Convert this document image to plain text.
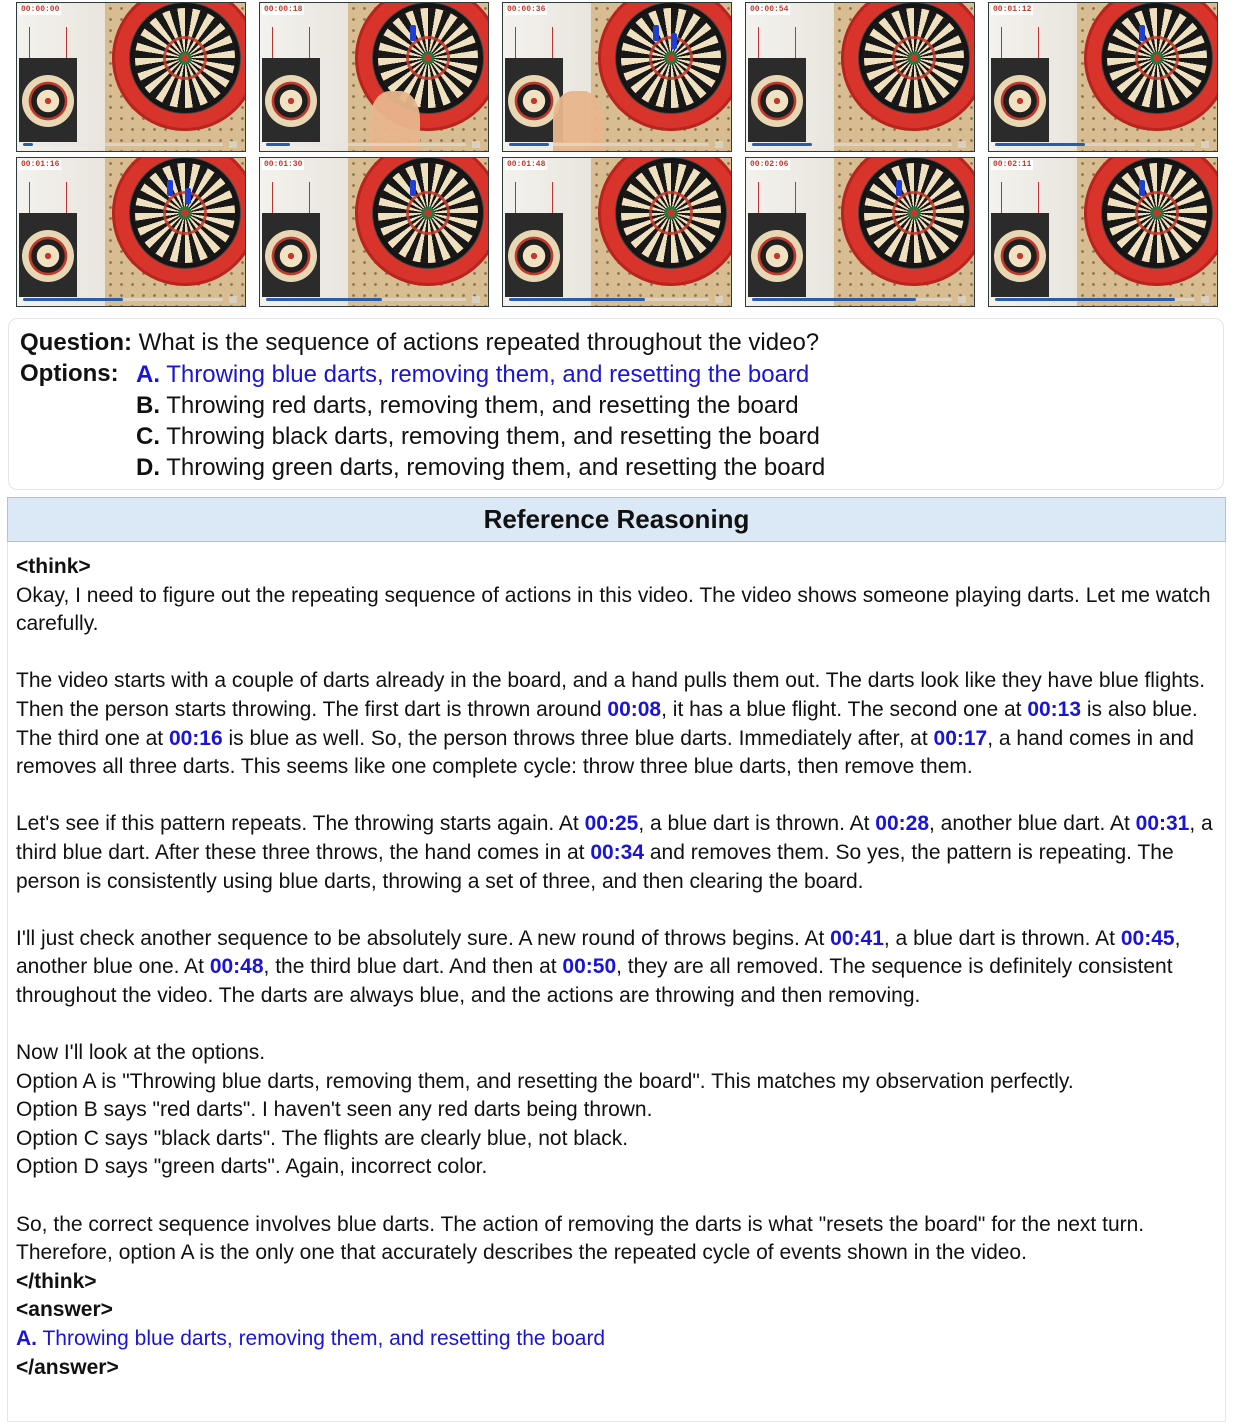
00:00:00	00:00:18	00:00:36	00:00:54	00:01:12
00:01:16	00:01:30	00:01:48	00:02:06	00:02:11
Question: What is the sequence of actions repeated throughout the video?
Options: A. Throwing blue darts, removing them, and resetting the board
B. Throwing red darts, removing them, and resetting the board
C. Throwing black darts, removing them, and resetting the board
D. Throwing green darts, removing them, and resetting the board
Reference Reasoning

<think>

Okay, I need to figure out the repeating sequence of actions in this video. The video shows someone playing darts. Let me watch carefully.

The video starts with a couple of darts already in the board, and a hand pulls them out. The darts look like they have blue flights. Then the person starts throwing. The first dart is thrown around 00:08, it has a blue flight. The second one at 00:13 is also blue. The third one at 00:16 is blue as well. So, the person throws three blue darts. Immediately after, at 00:17, a hand comes in and removes all three darts. This seems like one complete cycle: throw three blue darts, then remove them.

Let's see if this pattern repeats. The throwing starts again. At 00:25, a blue dart is thrown. At 00:28, another blue dart. At 00:31, a third blue dart. After these three throws, the hand comes in at 00:34 and removes them. So yes, the pattern is repeating. The person is consistently using blue darts, throwing a set of three, and then clearing the board.

I'll just check another sequence to be absolutely sure. A new round of throws begins. At 00:41, a blue dart is thrown. At 00:45, another blue one. At 00:48, the third blue dart. And then at 00:50, they are all removed. The sequence is definitely consistent throughout the video. The darts are always blue, and the actions are throwing and then removing.

Now I'll look at the options.

Option A is "Throwing blue darts, removing them, and resetting the board". This matches my observation perfectly.

Option B says "red darts". I haven't seen any red darts being thrown.

Option C says "black darts". The flights are clearly blue, not black.

Option D says "green darts". Again, incorrect color.

So, the correct sequence involves blue darts. The action of removing the darts is what "resets the board" for the next turn. Therefore, option A is the only one that accurately describes the repeated cycle of events shown in the video.

</think>

<answer>

A. Throwing blue darts, removing them, and resetting the board

</answer>
